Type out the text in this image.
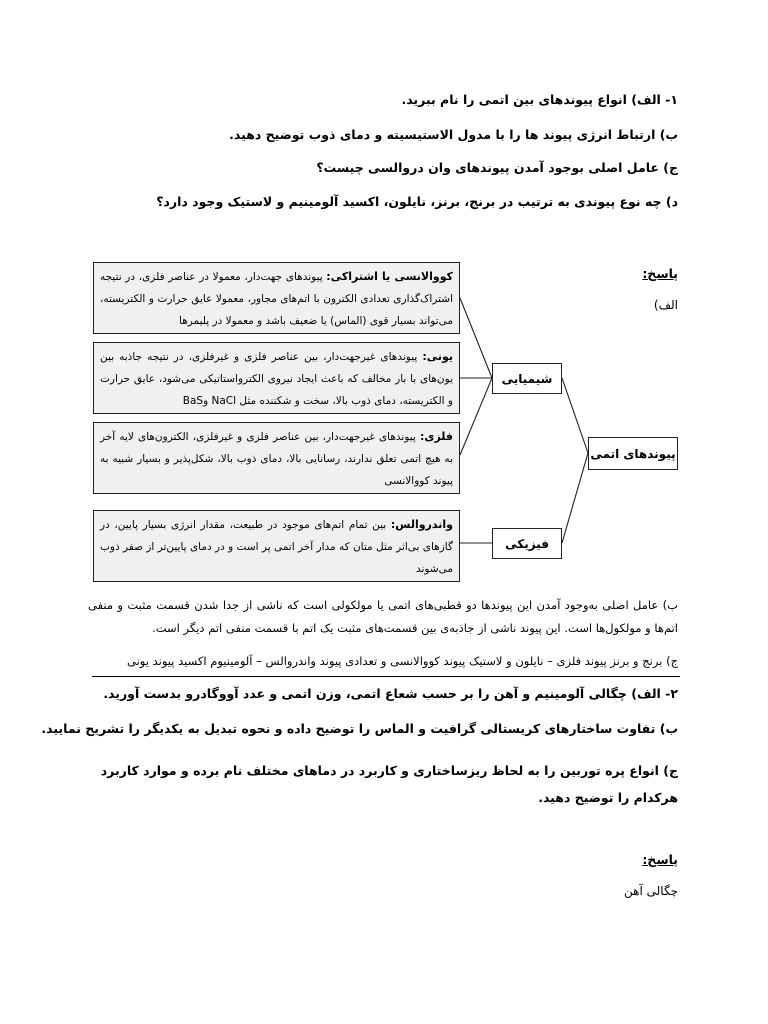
۱- الف) انواع پیوندهای بین اتمی را نام ببرید.
ب) ارتباط انرژی پیوند ها را با مدول الاستیسیته و دمای ذوب توضیح دهید.
ج) عامل اصلی بوجود آمدن پیوندهای وان دروالسی چیست؟
د) چه نوع پیوندی به ترتیب در برنج، برنز، نایلون، اکسید آلومینیم و لاستیک وجود دارد؟
پاسخ:
الف)
کووالانسی یا اشتراکی: پیوندهای جهت‌دار، معمولا در عناصر فلزی، در نتیجه اشتراک‌گذاری تعدادی الکترون با اتم‌های مجاور، معمولا عایق حرارت و الکتریسته، می‌تواند بسیار قوی (الماس) یا ضعیف باشد و معمولا در پلیمرها
یونی: پیوندهای غیرجهت‌دار، بین عناصر فلزی و غیرفلزی، در نتیجه جاذبه بین یون‌های با بار مخالف که باعث ایجاد نیروی الکترواستاتیکی می‌شود، عایق حرارت و الکتریسته، دمای ذوب بالا، سخت و شکننده مثل NaCl وBaS
فلزی: پیوندهای غیرجهت‌دار، بین عناصر فلزی و غیرفلزی، الکترون‌های لایه آخر به هیچ اتمی تعلق ندارند، رسانایی بالا، دمای ذوب بالا، شکل‌پذیر و بسیار شبیه به پیوند کووالانسی
واندروالس: بین تمام اتم‌های موجود در طبیعت، مقدار انرژی بسیار پایین، در گازهای بی‌اثر مثل متان که مدار آخر اتمی پر است و در دمای پایین‌تر از صفر ذوب می‌شوند
شیمیایی
فیزیکی
پیوندهای اتمی
ب) عامل اصلی به‌وجود آمدن این پیوندها دو قطبی‌های اتمی یا مولکولی است که ناشی از جدا شدن قسمت مثبت و منفی اتم‌ها و مولکول‌ها است. این پیوند ناشی از جاذبه‌ی بین قسمت‌های مثبت یک اتم با قسمت منفی اتم دیگر است.
ج) برنج و برنز پیوند فلزی – نایلون و لاستیک پیوند کووالانسی و تعدادی پیوند واندروالس – آلومینیوم اکسید پیوند یونی
۲- الف) چگالی آلومینیم و آهن را بر حسب شعاع اتمی، وزن اتمی و عدد آووگادرو بدست آورید.
ب) تفاوت ساختارهای کریستالی گرافیت و الماس را توضیح داده و نحوه تبدیل به یکدیگر را تشریح نمایید.
ج) انواع پره توربین را به لحاظ ریزساختاری و کاربرد در دماهای مختلف نام برده و موارد کاربرد هرکدام را توضیح دهید.
پاسخ:
چگالی آهن
